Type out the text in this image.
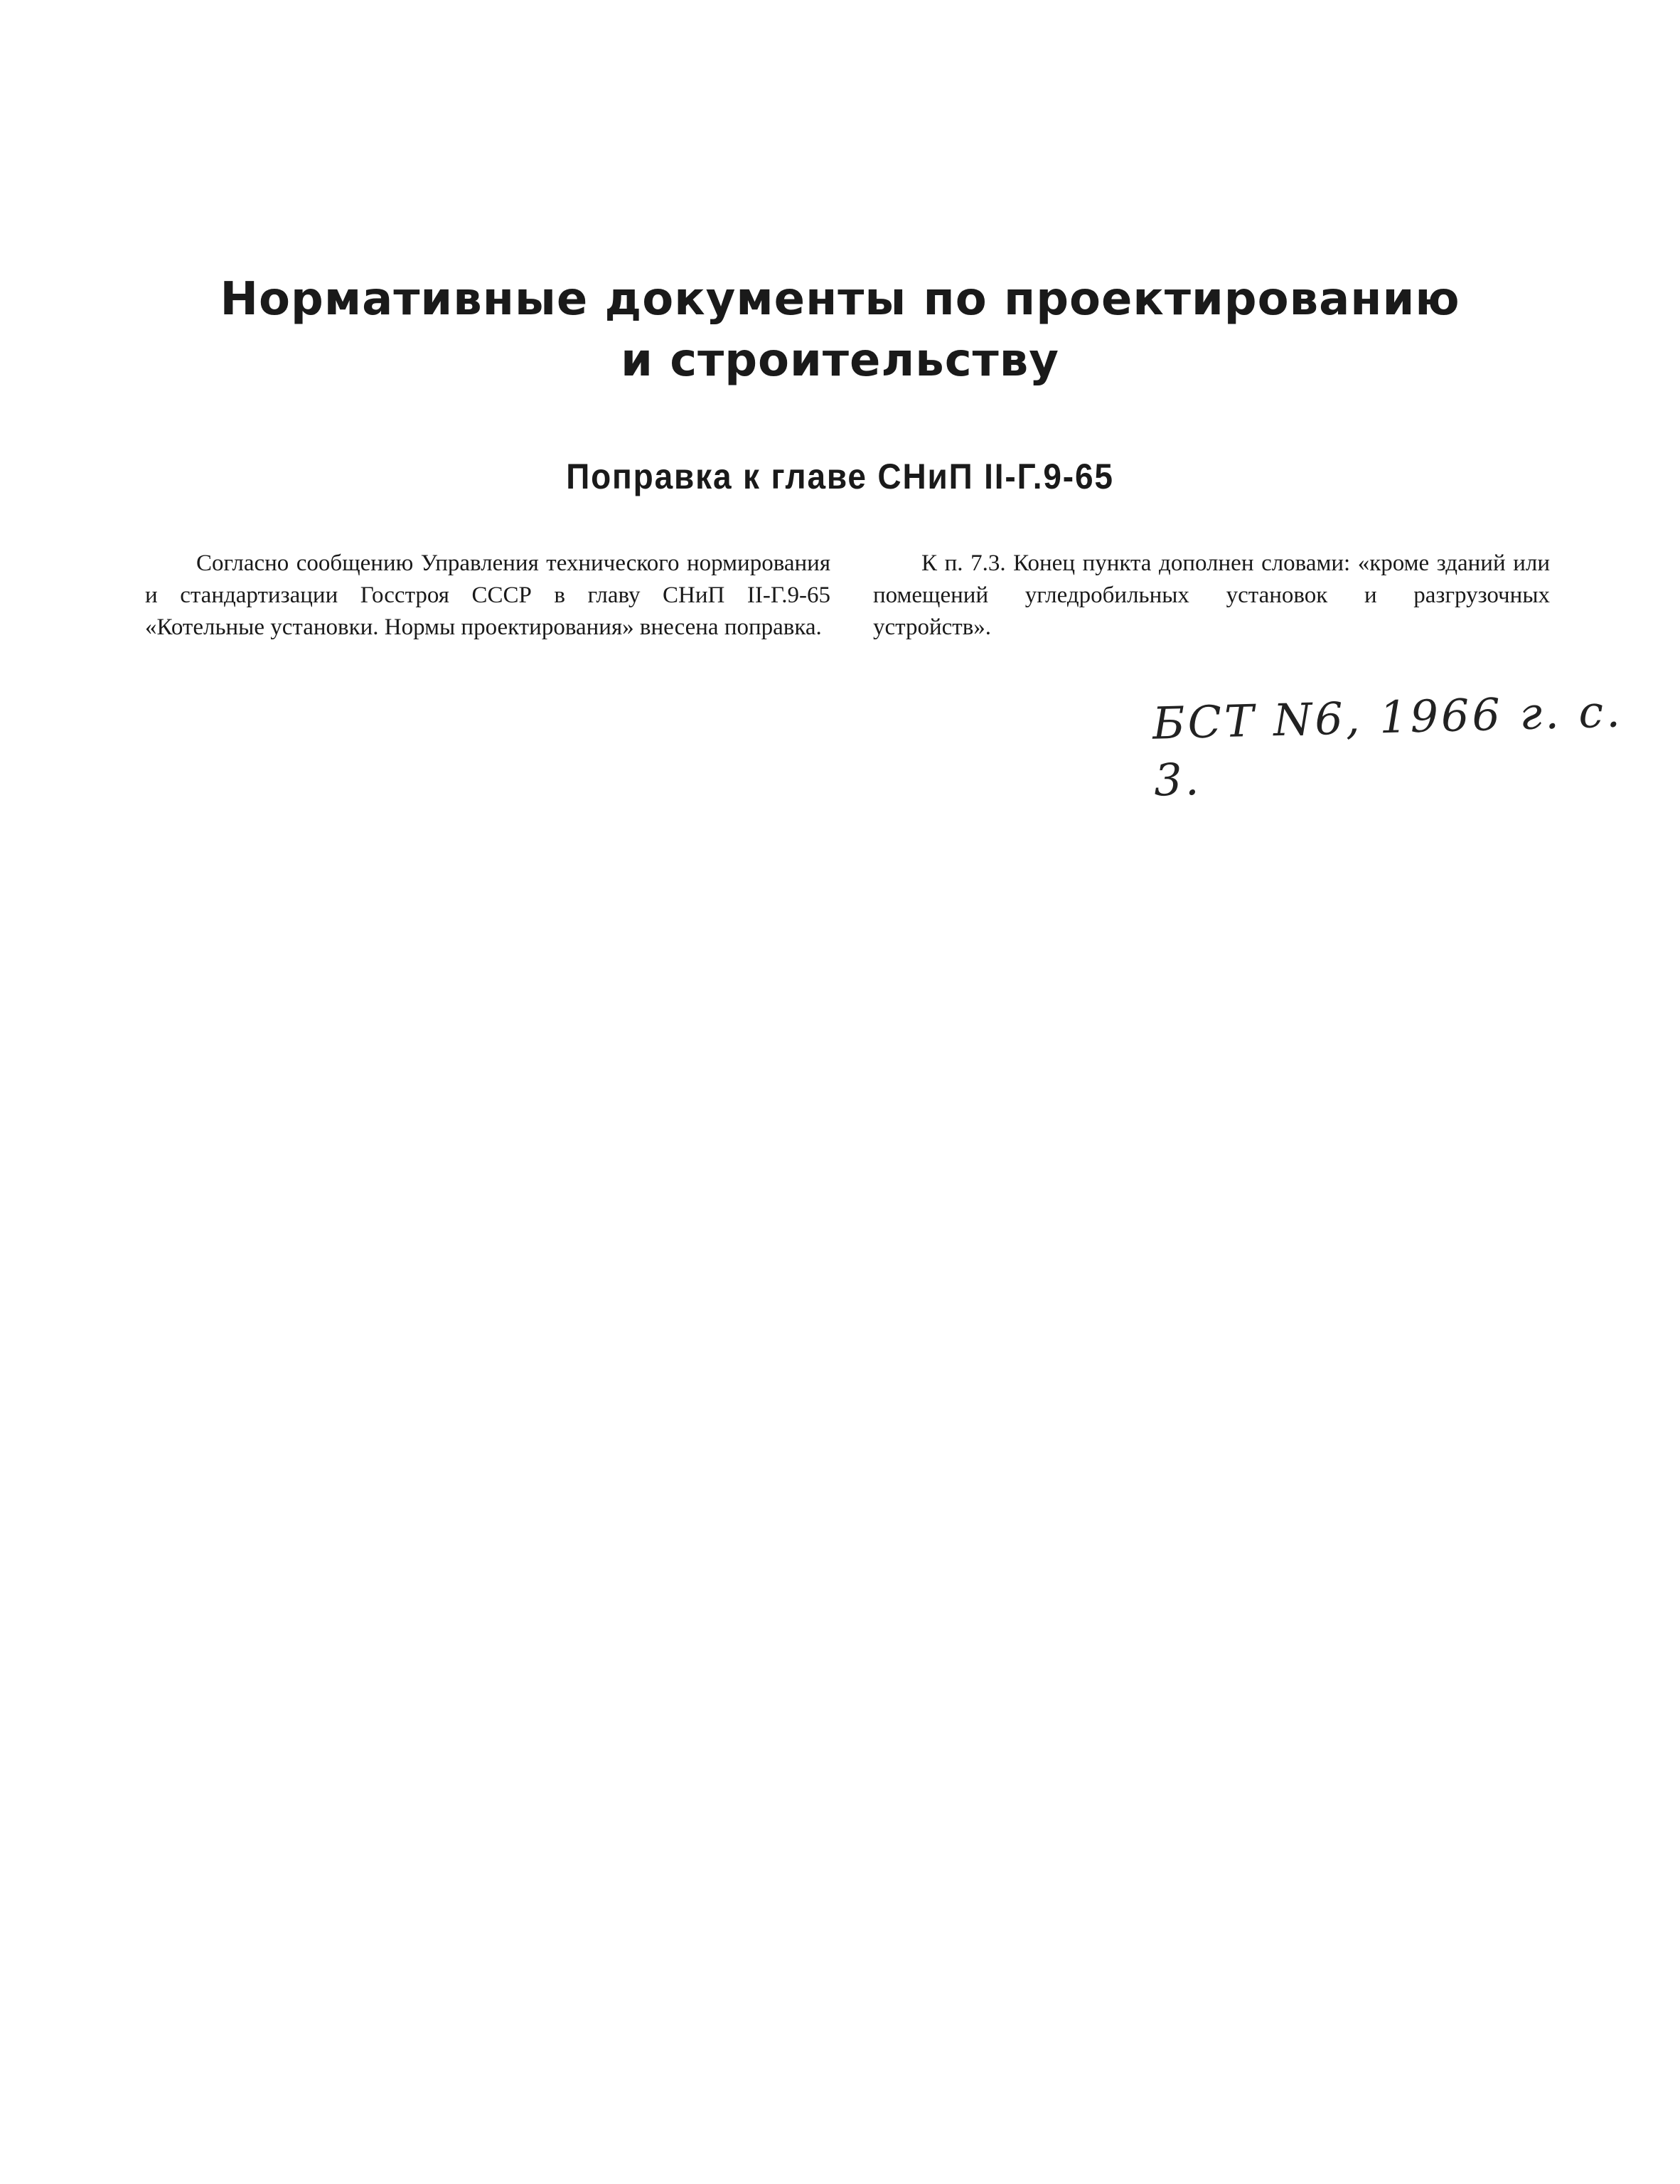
Нормативные документы по проектированию
и строительству
Поправка к главе СНиП II-Г.9-65

Согласно сообщению Управления технического нормирования и стандартизации Госстроя СССР в главу СНиП II-Г.9-65 «Котельные установки. Нормы проектирования» внесена поправка.

К п. 7.3. Конец пункта дополнен словами: «кроме зданий или помещений угледробильных установок и разгрузочных устройств».

БСТ N6, 1966 г. с. 3.
